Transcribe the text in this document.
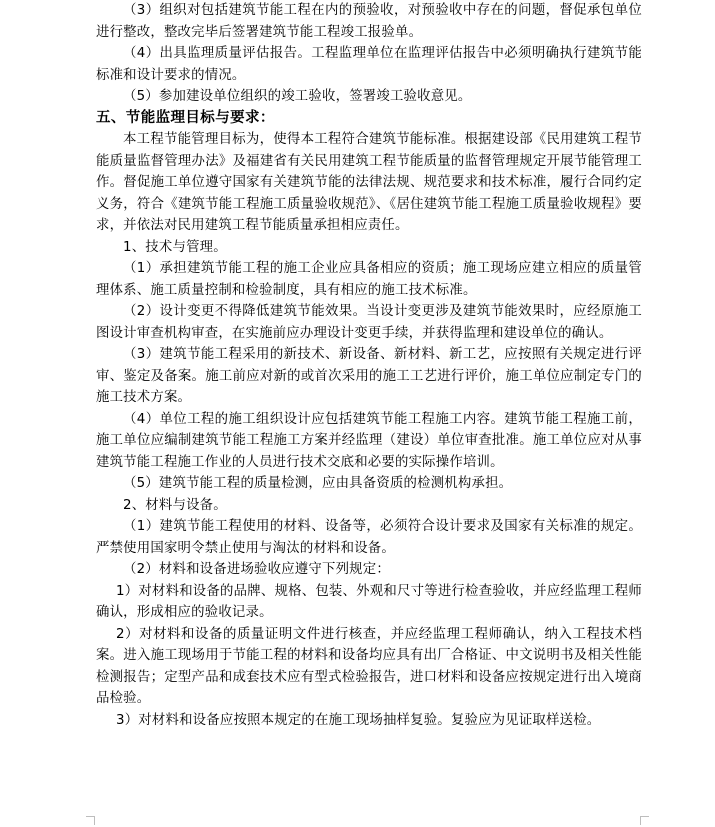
（3）组织对包括建筑节能工程在内的预验收，对预验收中存在的问题，督促承包单位进行整改，整改完毕后签署建筑节能工程竣工报验单。

（4）出具监理质量评估报告。工程监理单位在监理评估报告中必须明确执行建筑节能标准和设计要求的情况。

（5）参加建设单位组织的竣工验收，签署竣工验收意见。

五、节能监理目标与要求：

本工程节能管理目标为，使得本工程符合建筑节能标准。根据建设部《民用建筑工程节能质量监督管理办法》及福建省有关民用建筑工程节能质量的监督管理规定开展节能管理工作。督促施工单位遵守国家有关建筑节能的法律法规、规范要求和技术标准，履行合同约定义务，符合《建筑节能工程施工质量验收规范》、《居住建筑节能工程施工质量验收规程》要求，并依法对民用建筑工程节能质量承担相应责任。

1、技术与管理。

（1）承担建筑节能工程的施工企业应具备相应的资质；施工现场应建立相应的质量管理体系、施工质量控制和检验制度，具有相应的施工技术标准。

（2）设计变更不得降低建筑节能效果。当设计变更涉及建筑节能效果时，应经原施工图设计审查机构审查，在实施前应办理设计变更手续，并获得监理和建设单位的确认。

（3）建筑节能工程采用的新技术、新设备、新材料、新工艺，应按照有关规定进行评审、鉴定及备案。施工前应对新的或首次采用的施工工艺进行评价，施工单位应制定专门的施工技术方案。

（4）单位工程的施工组织设计应包括建筑节能工程施工内容。建筑节能工程施工前，施工单位应编制建筑节能工程施工方案并经监理（建设）单位审查批准。施工单位应对从事建筑节能工程施工作业的人员进行技术交底和必要的实际操作培训。

（5）建筑节能工程的质量检测，应由具备资质的检测机构承担。

2、材料与设备。

（1）建筑节能工程使用的材料、设备等，必须符合设计要求及国家有关标准的规定。严禁使用国家明令禁止使用与淘汰的材料和设备。

（2）材料和设备进场验收应遵守下列规定：

1）对材料和设备的品牌、规格、包装、外观和尺寸等进行检查验收，并应经监理工程师确认，形成相应的验收记录。

2）对材料和设备的质量证明文件进行核查，并应经监理工程师确认，纳入工程技术档案。进入施工现场用于节能工程的材料和设备均应具有出厂合格证、中文说明书及相关性能检测报告；定型产品和成套技术应有型式检验报告，进口材料和设备应按规定进行出入境商品检验。

3）对材料和设备应按照本规定的在施工现场抽样复验。复验应为见证取样送检。
